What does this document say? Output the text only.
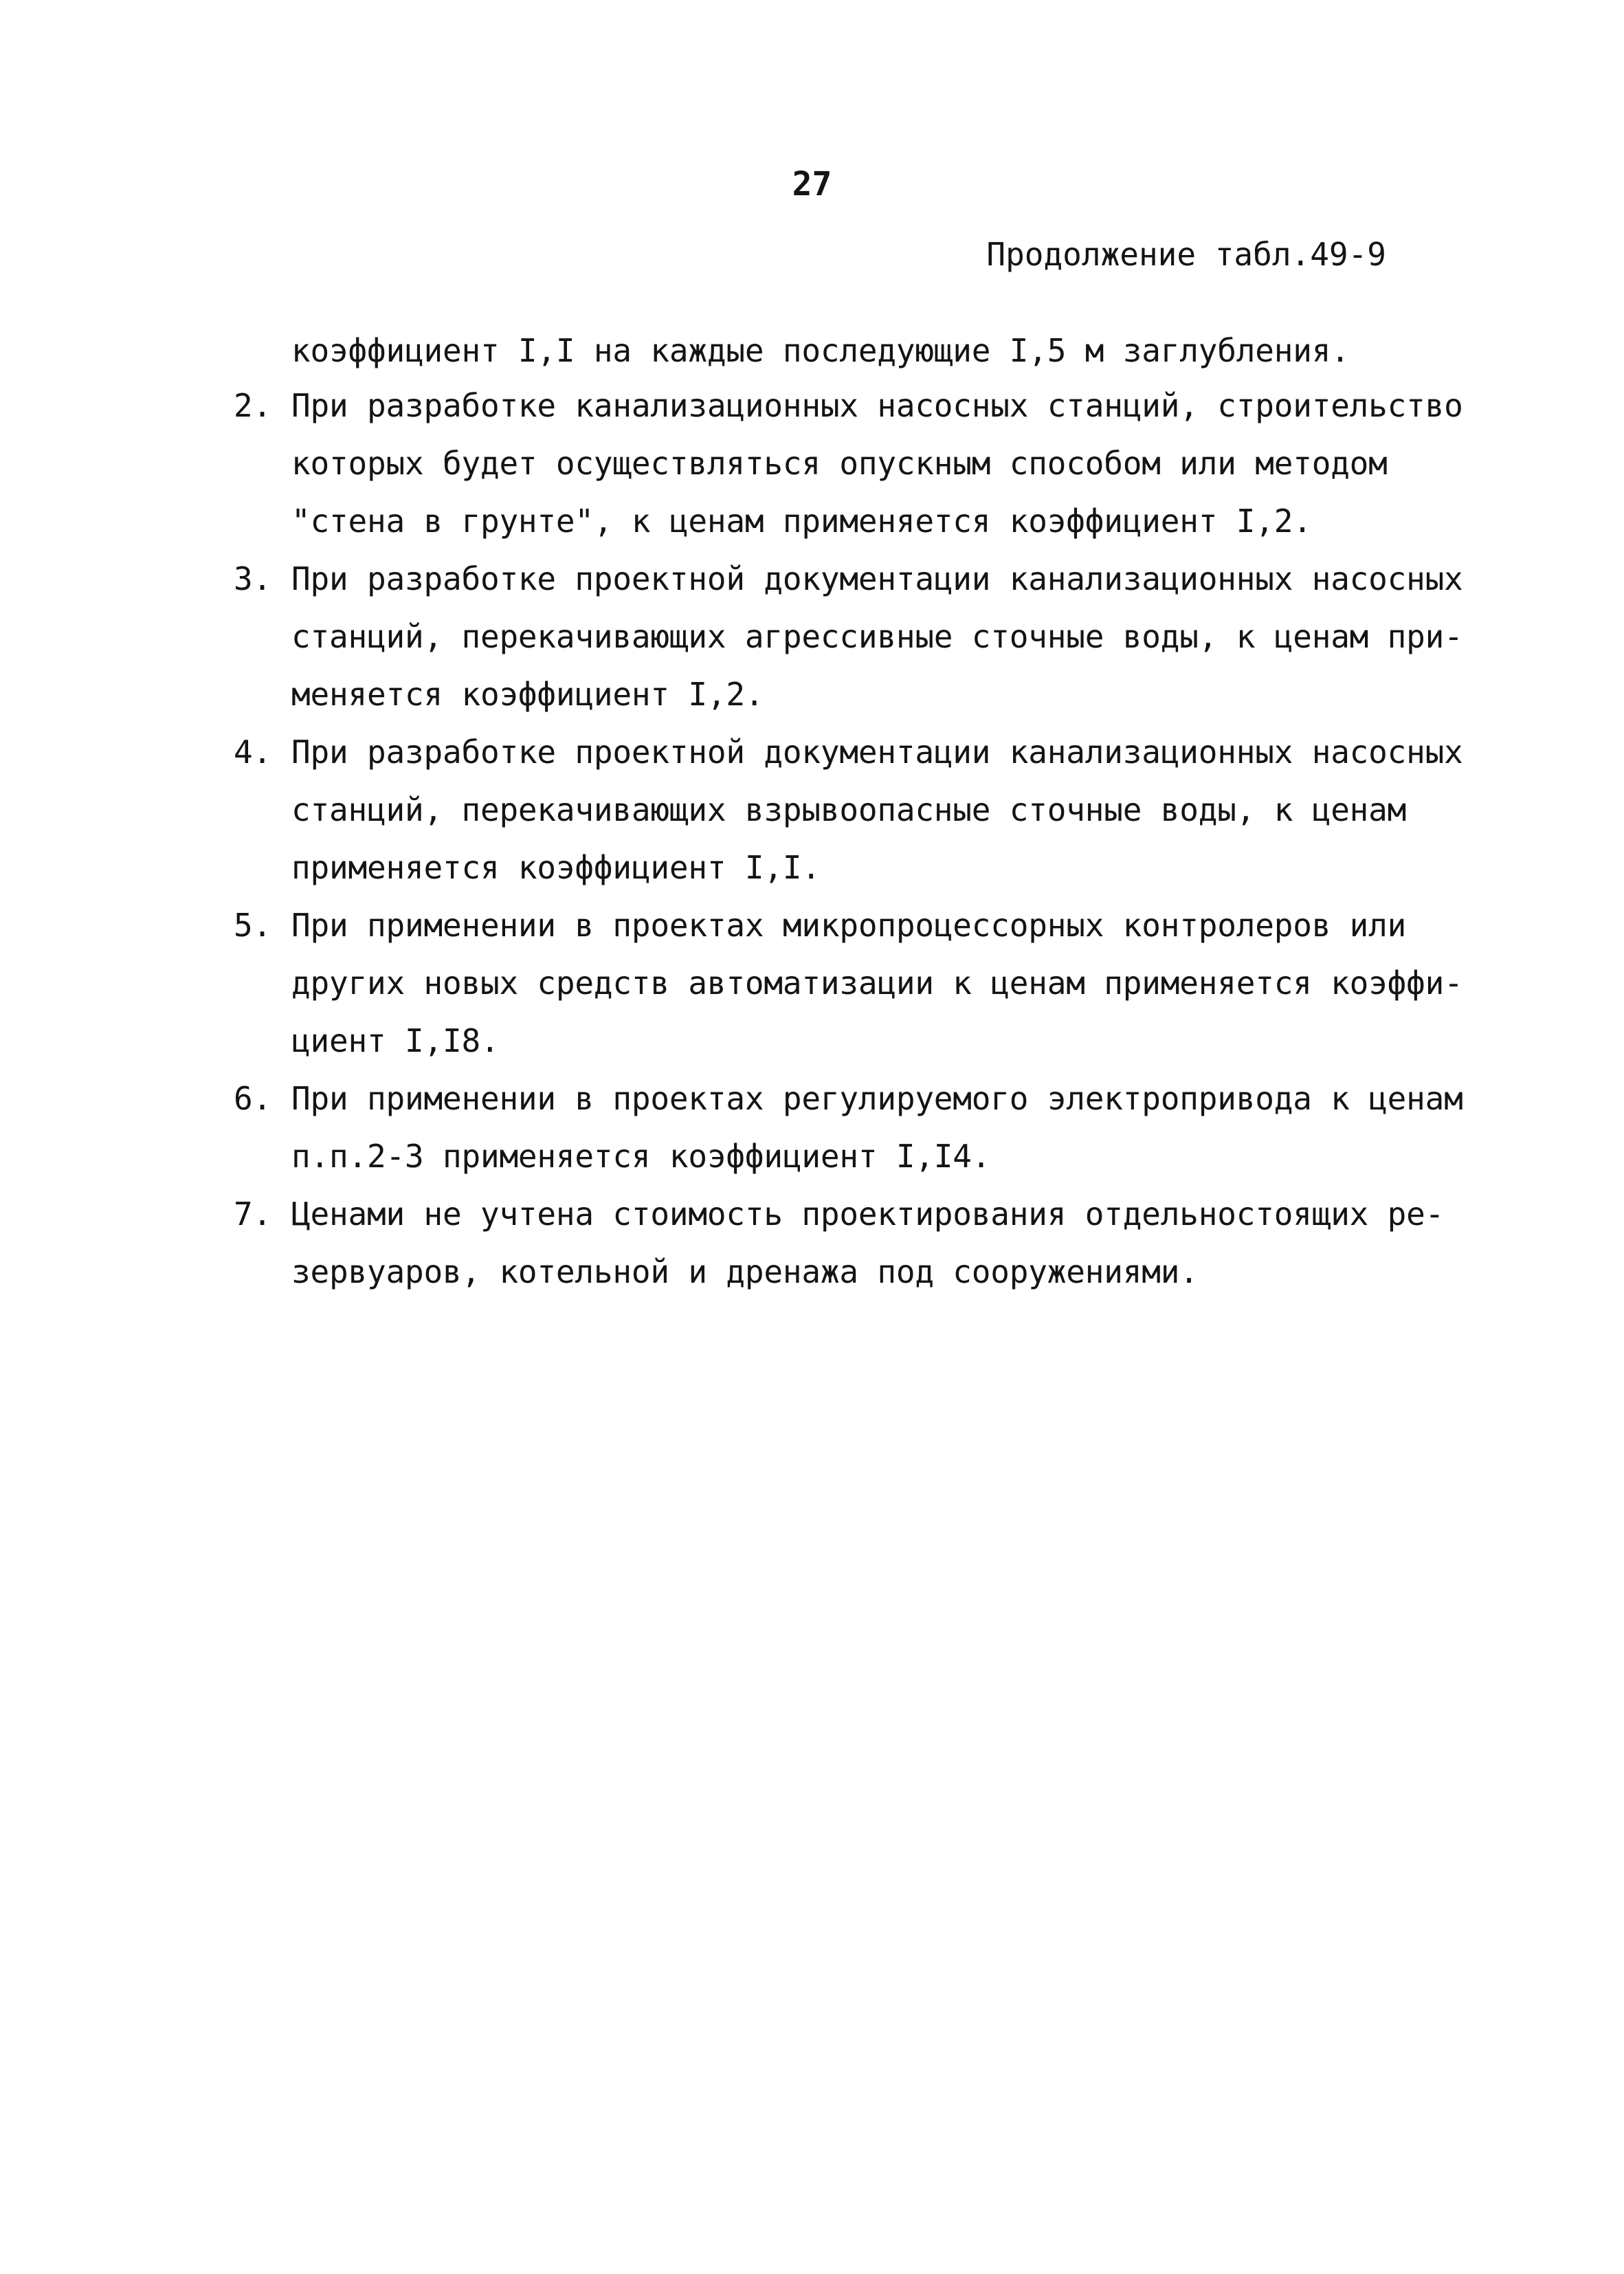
27
Продолжение табл.49-9
коэффициент I,I на каждые последующие I,5 м заглубления.
2. При разработке канализационных насосных станций, строительство
которых будет осуществляться опускным способом или методом
"стена в грунте", к ценам применяется коэффициент I,2.
3. При разработке проектной документации канализационных насосных
станций, перекачивающих агрессивные сточные воды, к ценам при-
меняется коэффициент I,2.
4. При разработке проектной документации канализационных насосных
станций, перекачивающих взрывоопасные сточные воды, к ценам
применяется коэффициент I,I.
5. При применении в проектах микропроцессорных контролеров или
других новых средств автоматизации к ценам применяется коэффи-
циент I,I8.
6. При применении в проектах регулируемого электропривода к ценам
п.п.2-3 применяется коэффициент I,I4.
7. Ценами не учтена стоимость проектирования отдельностоящих ре-
зервуаров, котельной и дренажа под сооружениями.
